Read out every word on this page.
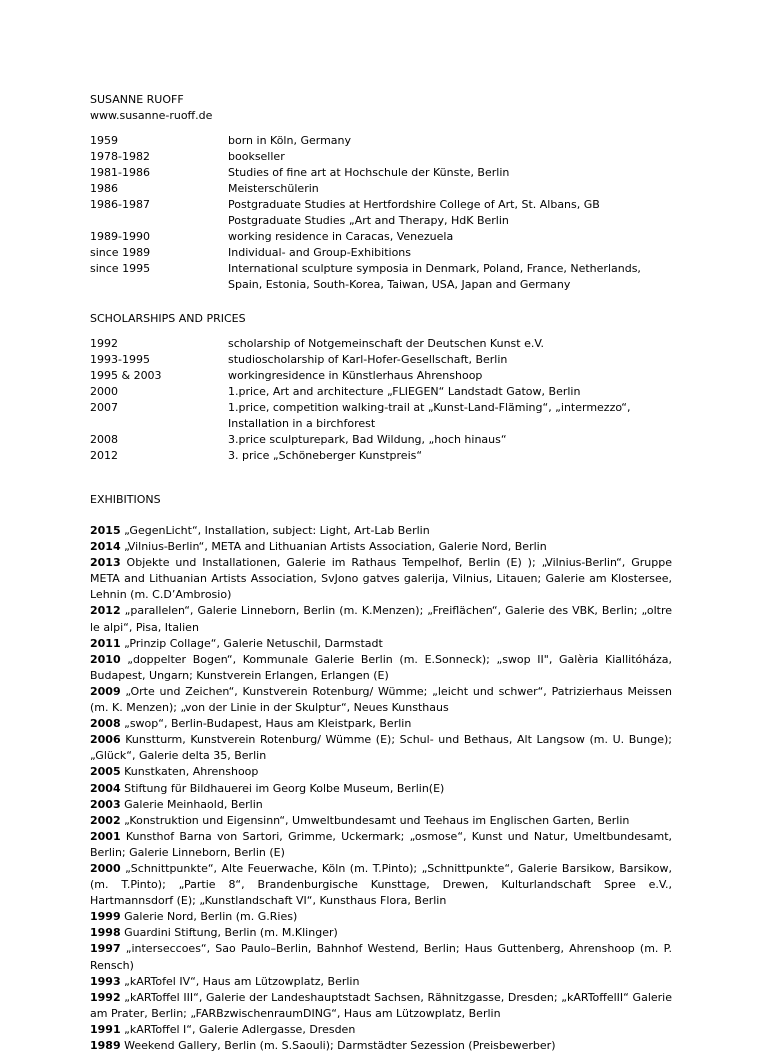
SUSANNE RUOFF
www.susanne-ruoff.de
1959	born in Köln, Germany
1978-1982	bookseller
1981-1986	Studies of fine art at Hochschule der Künste, Berlin
1986	Meisterschülerin
1986-1987	Postgraduate Studies at Hertfordshire College of Art, St. Albans, GB
Postgraduate Studies „Art and Therapy, HdK Berlin
1989-1990	working residence in Caracas, Venezuela
since 1989	Individual- and Group-Exhibitions
since 1995	International sculpture symposia in Denmark, Poland, France, Netherlands,
Spain, Estonia, South-Korea, Taiwan, USA, Japan and Germany
SCHOLARSHIPS AND PRICES
1992	scholarship of Notgemeinschaft der Deutschen Kunst e.V.
1993-1995	studioscholarship of Karl-Hofer-Gesellschaft, Berlin
1995 & 2003	workingresidence in Künstlerhaus Ahrenshoop
2000	1.price, Art and architecture „FLIEGEN“ Landstadt Gatow, Berlin
2007	1.price, competition walking-trail at „Kunst-Land-Fläming“, „intermezzo“,
Installation in a birchforest
2008	3.price sculpturepark, Bad Wildung, „hoch hinaus“
2012	3. price „Schöneberger Kunstpreis“
EXHIBITIONS
2015 „GegenLicht“, Installation, subject: Light, Art-Lab Berlin
2014 „Vilnius-Berlin“, META and Lithuanian Artists Association, Galerie Nord, Berlin
2013 Objekte und Installationen, Galerie im Rathaus Tempelhof, Berlin (E) ); „Vilnius-Berlin“, Gruppe META and Lithuanian Artists Association, SvJono gatves galerija, Vilnius, Litauen; Galerie am Klostersee, Lehnin (m. C.D’Ambrosio)
2012 „parallelen“, Galerie Linneborn, Berlin (m. K.Menzen); „Freiflächen“, Galerie des VBK, Berlin; „oltre le alpi“, Pisa, Italien
2011 „Prinzip Collage“, Galerie Netuschil, Darmstadt
2010 „doppelter Bogen“, Kommunale Galerie Berlin (m. E.Sonneck); „swop II", Galèria Kiallitóháza, Budapest, Ungarn; Kunstverein Erlangen, Erlangen (E)
2009 „Orte und Zeichen“, Kunstverein Rotenburg/ Wümme; „leicht und schwer“, Patrizierhaus Meissen (m. K. Menzen); „von der Linie in der Skulptur“, Neues Kunsthaus
2008 „swop“, Berlin-Budapest, Haus am Kleistpark, Berlin
2006 Kunstturm, Kunstverein Rotenburg/ Wümme (E); Schul- und Bethaus, Alt Langsow (m. U. Bunge); „Glück“, Galerie delta 35, Berlin
2005 Kunstkaten, Ahrenshoop
2004 Stiftung für Bildhauerei im Georg Kolbe Museum, Berlin(E)
2003 Galerie Meinhaold, Berlin
2002 „Konstruktion und Eigensinn“, Umweltbundesamt und Teehaus im Englischen Garten, Berlin
2001 Kunsthof Barna von Sartori, Grimme, Uckermark; „osmose“, Kunst und Natur, Umeltbundesamt, Berlin; Galerie Linneborn, Berlin (E)
2000 „Schnittpunkte“, Alte Feuerwache, Köln (m. T.Pinto); „Schnittpunkte“, Galerie Barsikow, Barsikow, (m. T.Pinto); „Partie 8“, Brandenburgische Kunsttage, Drewen, Kulturlandschaft Spree e.V., Hartmannsdorf (E); „Kunstlandschaft VI“, Kunsthaus Flora, Berlin
1999 Galerie Nord, Berlin (m. G.Ries)
1998 Guardini Stiftung, Berlin (m. M.Klinger)
1997 „interseccoes“, Sao Paulo–Berlin, Bahnhof Westend, Berlin; Haus Guttenberg, Ahrenshoop (m. P. Rensch)
1993 „kARTofel IV“, Haus am Lützowplatz, Berlin
1992 „kARToffel III“, Galerie der Landeshauptstadt Sachsen, Rähnitzgasse, Dresden; „kARToffelII“ Galerie am Prater, Berlin; „FARBzwischenraumDING“, Haus am Lützowplatz, Berlin
1991 „kARToffel I“, Galerie Adlergasse, Dresden
1989 Weekend Gallery, Berlin (m. S.Saouli); Darmstädter Sezession (Preisbewerber)
